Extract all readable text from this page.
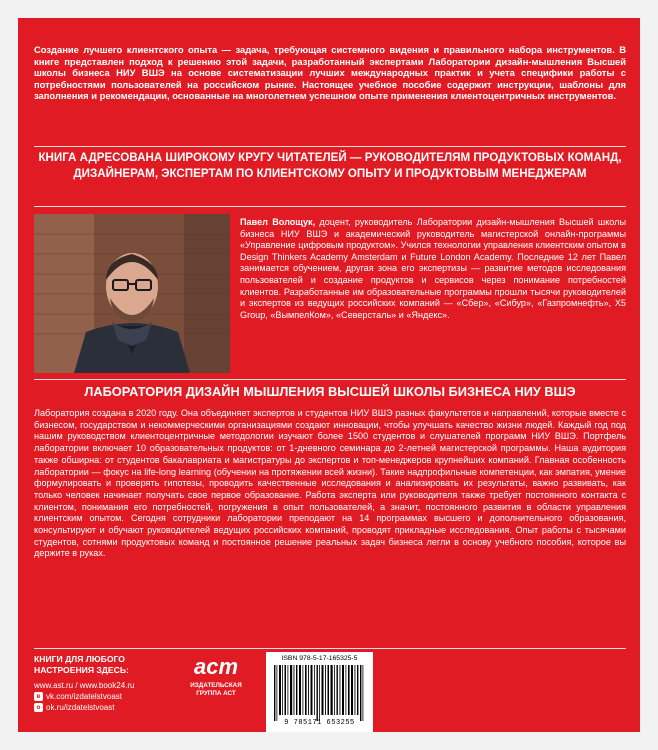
Создание лучшего клиентского опыта — задача, требующая системного видения и правильного набора инструментов. В книге представлен подход к решению этой задачи, разработанный экспертами Лаборатории дизайн-мышления Высшей школы бизнеса НИУ ВШЭ на основе систематизации лучших международных практик и учета специфики работы с потребностями пользователей на российском рынке. Настоящее учебное пособие содержит инструкции, шаблоны для заполнения и рекомендации, основанные на многолетнем успешном опыте применения клиентоцентричных инструментов.
КНИГА АДРЕСОВАНА ШИРОКОМУ КРУГУ ЧИТАТЕЛЕЙ — РУКОВОДИТЕЛЯМ ПРОДУКТОВЫХ КОМАНД, ДИЗАЙНЕРАМ, ЭКСПЕРТАМ ПО КЛИЕНТСКОМУ ОПЫТУ И ПРОДУКТОВЫМ МЕНЕДЖЕРАМ
Павел Волощук, доцент, руководитель Лаборатории дизайн-мышления Высшей школы бизнеса НИУ ВШЭ и академический руководитель магистерской онлайн-программы «Управление цифровым продуктом». Учился технологии управления клиентским опытом в Design Thinkers Academy Amsterdam и Future London Academy. Последние 12 лет Павел занимается обучением, другая зона его экспертизы — развитие методов исследования пользователей и создание продуктов и сервисов через понимание потребностей клиентов. Разработанные им образовательные программы прошли тысячи руководителей и экспертов из ведущих российских компаний — «Сбер», «Сибур», «Газпромнефть», X5 Group, «ВымпелКом», «Северсталь» и «Яндекс».
ЛАБОРАТОРИЯ ДИЗАЙН МЫШЛЕНИЯ ВЫСШЕЙ ШКОЛЫ БИЗНЕСА НИУ ВШЭ
Лаборатория создана в 2020 году. Она объединяет экспертов и студентов НИУ ВШЭ разных факультетов и направлений, которые вместе с бизнесом, государством и некоммерческими организациями создают инновации, чтобы улучшать качество жизни людей. Каждый год под нашим руководством клиентоцентричные методологии изучают более 1500 студентов и слушателей программ НИУ ВШЭ. Портфель лаборатории включает 10 образовательных продуктов: от 1-дневного семинара до 2-летней магистерской программы. Наша аудитория также обширна: от студентов бакалавриата и магистратуры до экспертов и топ-менеджеров крупнейших компаний. Главная особенность лаборатории — фокус на life-long learning (обучении на протяжении всей жизни). Такие надпрофильные компетенции, как эмпатия, умение формулировать и проверять гипотезы, проводить качественные исследования и анализировать их результаты, важно развивать, как только человек начинает получать свое первое образование. Работа эксперта или руководителя также требует постоянного контакта с клиентом, понимания его потребностей, погружения в опыт пользователей, а значит, постоянного развития в области управления клиентским опытом. Сегодня сотрудники лаборатории преподают на 14 программах высшего и дополнительного образования, консультируют и обучают руководителей ведущих российских компаний, проводят прикладные исследования. Опыт работы с тысячами студентов, сотнями продуктовых команд и постоянное решение реальных задач бизнеса легли в основу учебного пособия, которое вы держите в руках.
КНИГИ ДЛЯ ЛЮБОГО НАСТРОЕНИЯ ЗДЕСЬ:
www.ast.ru / www.book24.ru
в vk.com/izdatelstvoast
о ok.ru/izdatelstvoast
аст
ИЗДАТЕЛЬСКАЯ
ГРУППА АСТ
ISBN 978-5-17-165325-5
9 785171 653255
